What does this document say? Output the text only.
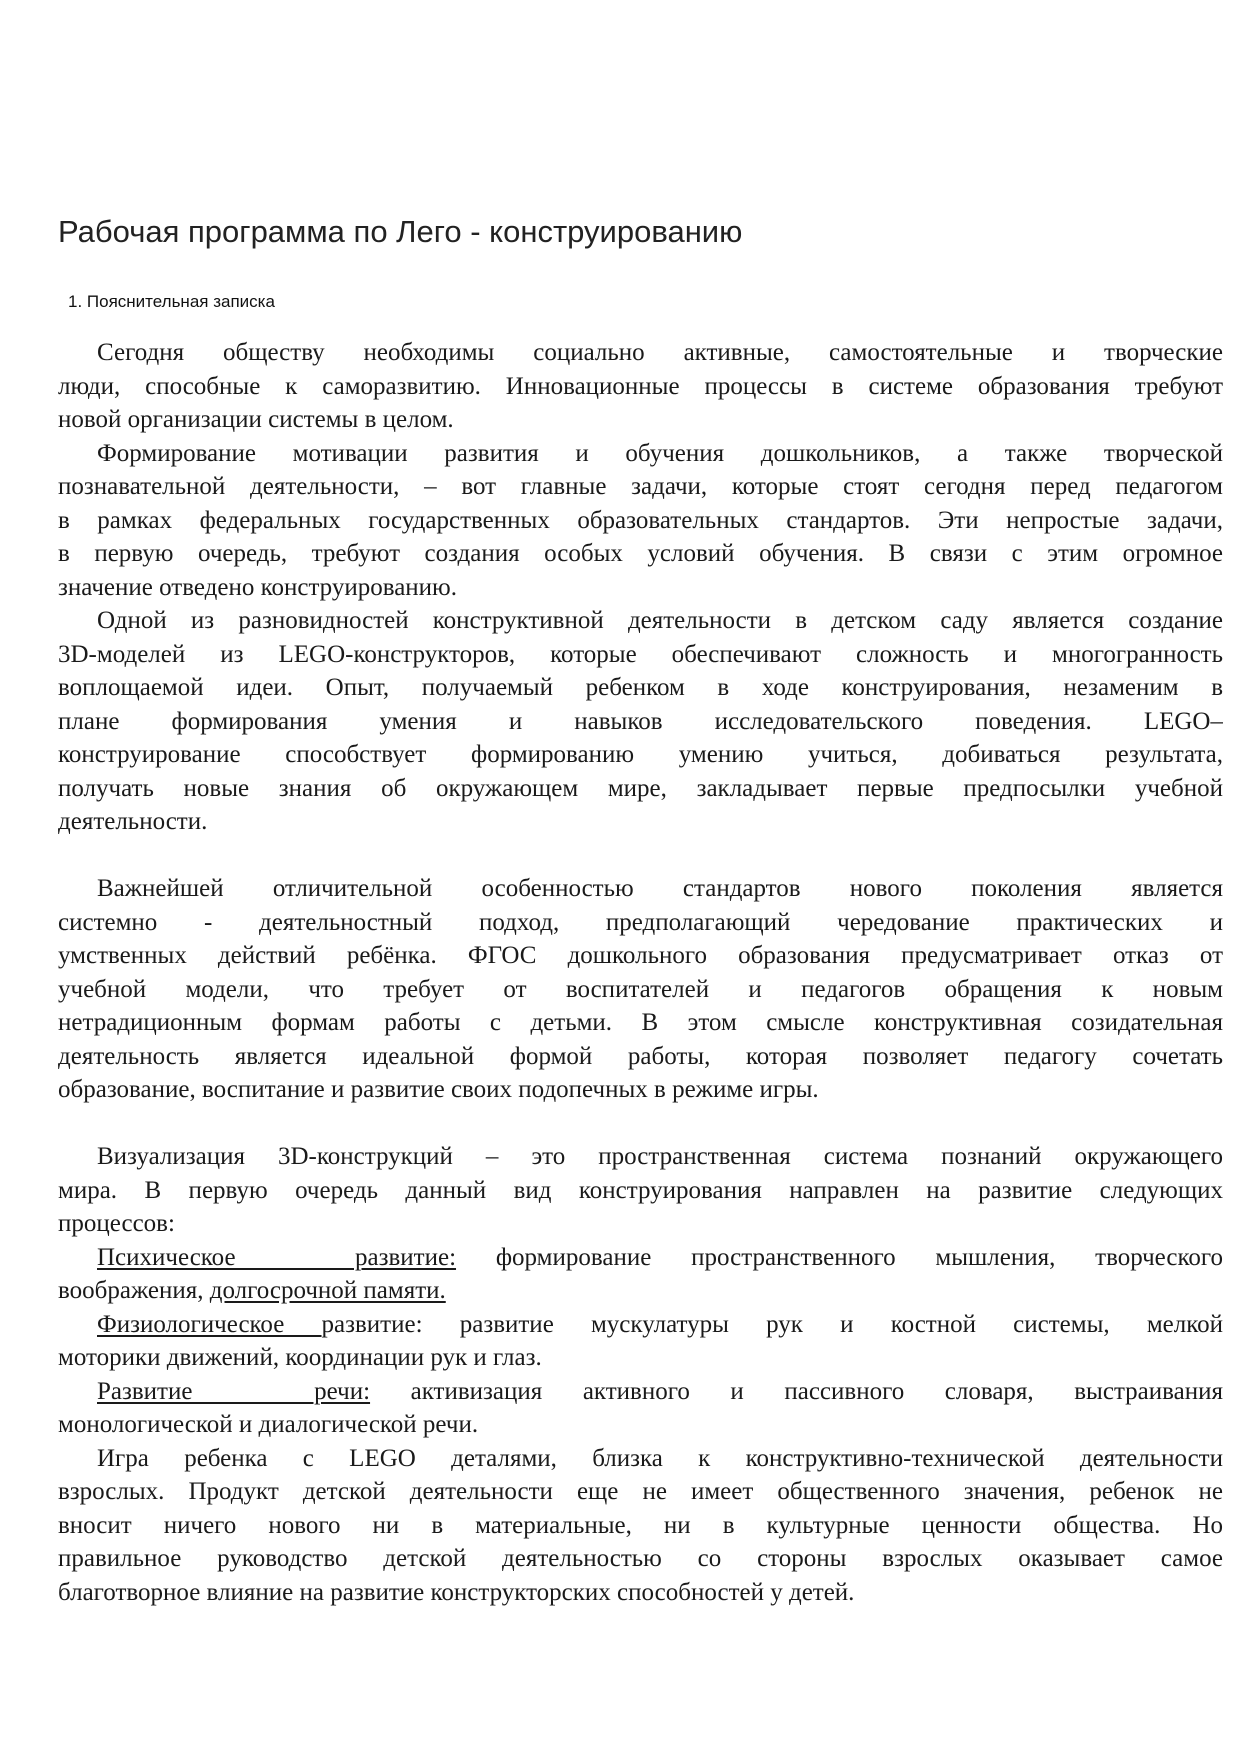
Рабочая программа по Лего - конструированию
1. Пояснительная записка
Сегодня обществу необходимы социально активные, самостоятельные и творческие
люди, способные к саморазвитию. Инновационные процессы в системе образования требуют
новой организации системы в целом.
Формирование мотивации развития и обучения дошкольников, а также творческой
познавательной деятельности, – вот главные задачи, которые стоят сегодня перед педагогом
в рамках федеральных государственных образовательных стандартов. Эти непростые задачи,
в первую очередь, требуют создания особых условий обучения. В связи с этим огромное
значение отведено конструированию.
Одной из разновидностей конструктивной деятельности в детском саду является создание
3D-моделей из LEGO-конструкторов, которые обеспечивают сложность и многогранность
воплощаемой идеи. Опыт, получаемый ребенком в ходе конструирования, незаменим в
плане формирования умения и навыков исследовательского поведения. LEGO–
конструирование способствует формированию умению учиться, добиваться результата,
получать новые знания об окружающем мире, закладывает первые предпосылки учебной
деятельности.
Важнейшей отличительной особенностью стандартов нового поколения является
системно - деятельностный подход, предполагающий чередование практических и
умственных действий ребёнка. ФГОС дошкольного образования предусматривает отказ от
учебной модели, что требует от воспитателей и педагогов обращения к новым
нетрадиционным формам работы с детьми. В этом смысле конструктивная созидательная
деятельность является идеальной формой работы, которая позволяет педагогу сочетать
образование, воспитание и развитие своих подопечных в режиме игры.
Визуализация 3D-конструкций – это пространственная система познаний окружающего
мира. В первую очередь данный вид конструирования направлен на развитие следующих
процессов:
Психическое   развитие: формирование пространственного мышления, творческого
воображения, долгосрочной памяти.
Физиологическое развитие: развитие мускулатуры рук и костной системы, мелкой
моторики движений, координации рук и глаз.
Развитие   речи: активизация активного и пассивного словаря, выстраивания
монологической и диалогической речи.
Игра ребенка с LEGO деталями, близка к конструктивно-технической деятельности
взрослых. Продукт детской деятельности еще не имеет общественного значения, ребенок не
вносит ничего нового ни в материальные, ни в культурные ценности общества. Но
правильное руководство детской деятельностью со стороны взрослых оказывает самое
благотворное влияние на развитие конструкторских способностей у детей.
